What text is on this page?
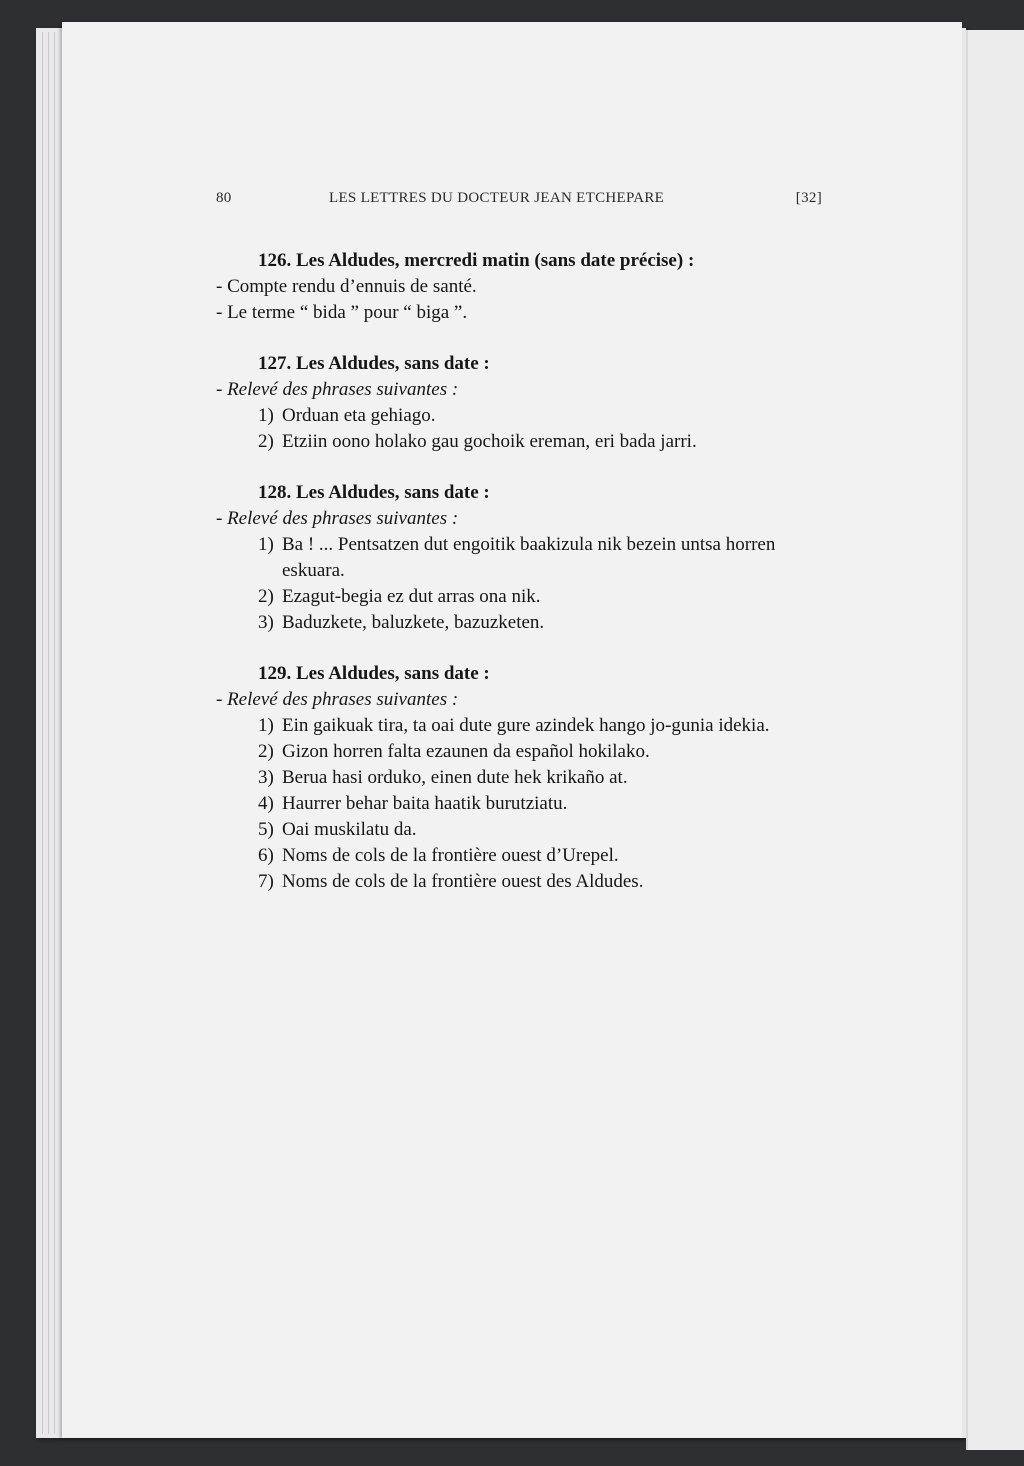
80	LES LETTRES DU DOCTEUR JEAN ETCHEPARE	[32]
126. Les Aldudes, mercredi matin (sans date précise) :

- Compte rendu d’ennuis de santé.

- Le terme “ bida ” pour “ biga ”.

127. Les Aldudes, sans date :

- Relevé des phrases suivantes :

1) Orduan eta gehiago.
2) Etziin oono holako gau gochoik ereman, eri bada jarri.
128. Les Aldudes, sans date :

- Relevé des phrases suivantes :

1) Ba ! ... Pentsatzen dut engoitik baakizula nik bezein untsa horren eskuara.
2) Ezagut-begia ez dut arras ona nik.
3) Baduzkete, baluzkete, bazuzketen.
129. Les Aldudes, sans date :

- Relevé des phrases suivantes :

1) Ein gaikuak tira, ta oai dute gure azindek hango jo-gunia idekia.
2) Gizon horren falta ezaunen da español hokilako.
3) Berua hasi orduko, einen dute hek krikaño at.
4) Haurrer behar baita haatik burutziatu.
5) Oai muskilatu da.
6) Noms de cols de la frontière ouest d’Urepel.
7) Noms de cols de la frontière ouest des Aldudes.
